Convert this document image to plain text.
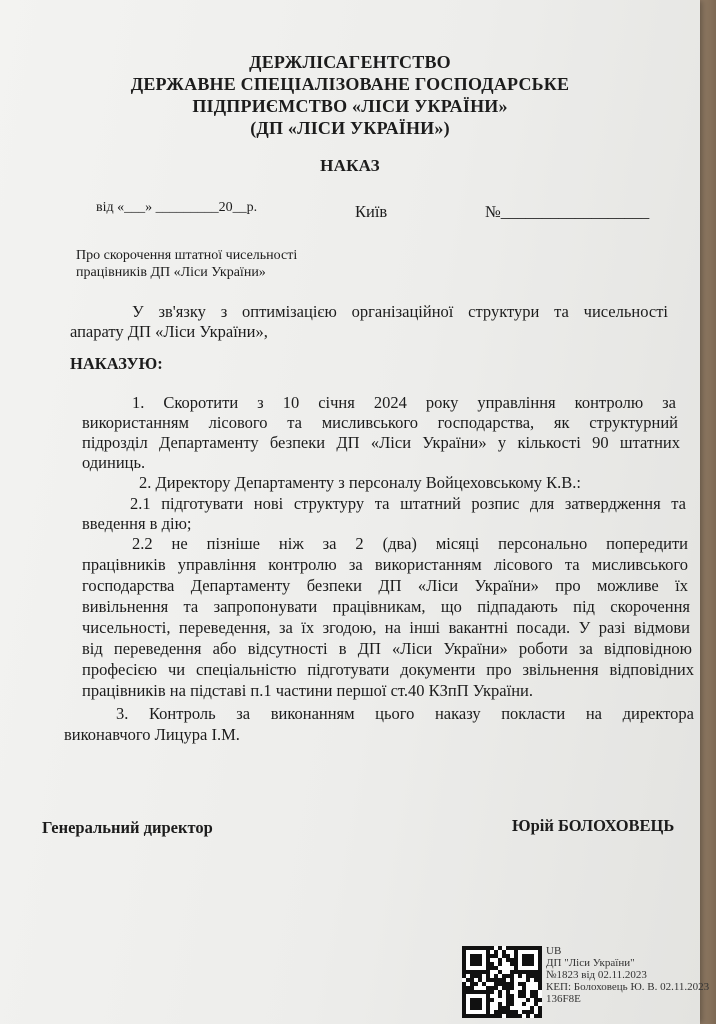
ДЕРЖЛІСАГЕНТСТВО
ДЕРЖАВНЕ СПЕЦІАЛІЗОВАНЕ ГОСПОДАРСЬКЕ
ПІДПРИЄМСТВО «ЛІСИ УКРАЇНИ»
(ДП «ЛІСИ УКРАЇНИ»)
НАКАЗ
від «___» _________20__р.	Київ	№__________________
Про скорочення штатної чисельності
працівників ДП «Ліси України»
У зв'язку з оптимізацією організаційної структури та чисельності
апарату ДП «Ліси України»,
НАКАЗУЮ:
1. Скоротити з 10 січня 2024 року управління контролю за
використанням лісового та мисливського господарства, як структурний
підрозділ Департаменту безпеки ДП «Ліси України» у кількості 90 штатних
одиниць.
2. Директору Департаменту з персоналу Войцеховському К.В.:
2.1 підготувати нові структуру та штатний розпис для затвердження та
введення в дію;
2.2 не пізніше ніж за 2 (два) місяці персонально попередити
працівників управління контролю за використанням лісового та мисливського
господарства Департаменту безпеки ДП «Ліси України» про можливе їх
вивільнення та запропонувати працівникам, що підпадають під скорочення
чисельності, переведення, за їх згодою, на інші вакантні посади. У разі відмови
від переведення або відсутності в ДП «Ліси України» роботи за відповідною
професією чи спеціальністю підготувати документи про звільнення відповідних
працівників на підставі п.1 частини першої ст.40 КЗпП України.
3. Контроль за виконанням цього наказу покласти на директора
виконавчого Лицура І.М.
Генеральний директор	Юрій БОЛОХОВЕЦЬ
UB
ДП "Ліси України"
№1823 від 02.11.2023
КЕП: Болоховець Ю. В. 02.11.2023
136F8E
